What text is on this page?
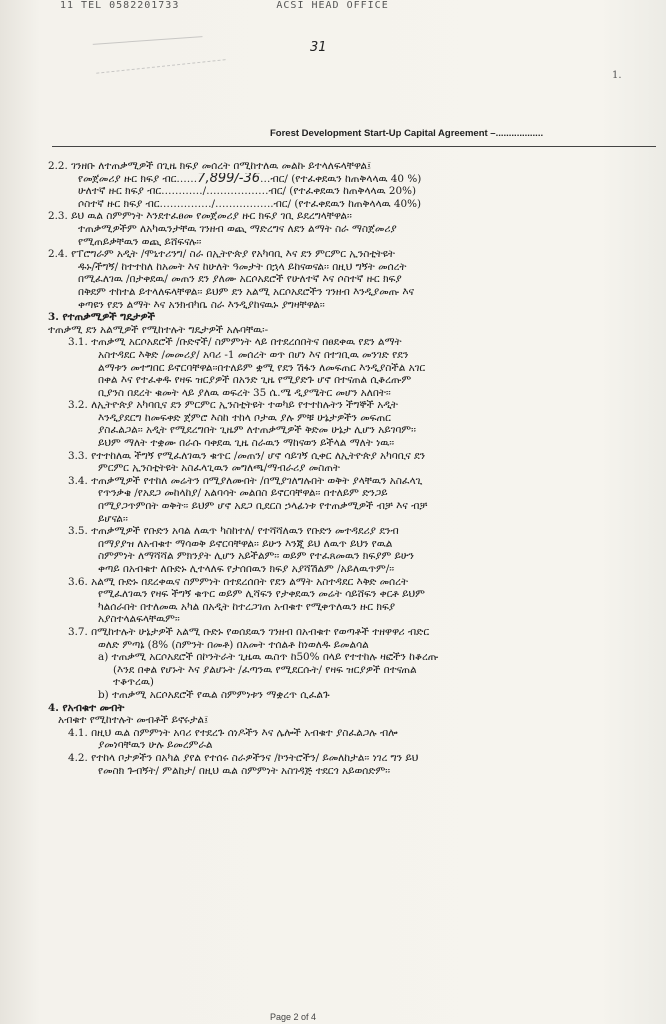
11 TEL 0582201733	ACSI HEAD OFFICE
31
1.
Forest Development Start-Up Capital Agreement –..................
2.2. ገንዘቡ ለተጠቃሚዎች በጊዜ ክፍያ መሰረት በሚከተለዉ መልኩ ይተላለፍላቸዋል፤
የመጀመሪያ ዙር ክፍያ ብር……7,899/-36…ብር/ (የተፈቀደዉን ከጠቅላላዉ 40 %)
ሁለተኛ ዙር ክፍያ ብር…………/………………ብር/ (የተፈቀደዉን ከጠቅላላዉ 20%)
ሶስተኛ ዙር ክፍያ ብር……………/……………..ብር/ (የተፈቀደዉን ከጠቅላላዉ 40%)
2.3. ይህ ዉል ስምምነት እንደተፈፀመ የመጀመሪያ ዙር ክፍያ ገቢ ይደረግላቸዋል፡፡
ተጠቃሚዎችም ለአካዉንታቸዉ ገንዘብ ወጪ ማድረግና ለደን ልማት ስራ ማስጀመሪያ
የሚጠይቃቸዉን ወጪ ይሸፍናሉ፡፡
2.4. የፐሮግራም አዲት /ሞኒተሪንግ/ ስራ በኢትዮጵያ የአካባቢ እና ደን ምርምር ኢንስቲትዩት
ዱኑ/ችግኝ/ ከተተከለ ከአመት እና ከሁለት ዓመታት በኋላ ይከናወናል፡፡ በዚህ ግኝት መሰረት
በሚፈለገዉ /በታቀደዉ/ መጠን ደን ያለሙ አርሶአደሮች የሁለተኛ እና ሶስተኛ ዙር ክፍያ
በቅደም ተከተል ይተላለፍላቸዋል፡፡ ይህም ደን አልሚ አርሶአደሮችን ገንዘብ እንዲያመጡ እና
ቀጣዩን የደን ልማት እና አንክብካቤ ስራ እንዲያከናዉኑ ያግዛቸዋል፡፡
3. የተጠቃሚዎች ግዴታዎች
ተጠቃሚ ደን አልሚዎች የሚከተሉት ግዴታዎች አሉባቸዉ፡-
3.1. ተጠቃሚ አርሶአደሮች /ቡድኖች/ ስምምነት ላይ በተደረሰበትና በፀደቀዉ የደን ልማት
አስተዳደር እቅድ /መመሪያ/ አባሪ -1 መሰረት ወጥ በሆነ እና በተገቢዉ መንገድ የደን
ልማቱን መተግበር ይኖርባቸዋል፡፡በተለይም ቋሚ የደን ሽፋን ለመፍጠር እንዲያስችል አገር
በቀል እና የተፈቀዱ የዛፍ ዝርያዎች በአንድ ጊዜ የሚያድጉ ሆኖ በተናጠል ሲቆረጡም
ቢያንስ በደረት ቁመት ላይ ያለዉ ወፍረት 35 ሴ.ሜ ዲያሜትር መሆን አለበት፡፡
3.2. ለኢትዮጵያ አካባቢና ደን ምርምር ኢንስቲትዩት ተወካይ የተተከሉትን ችግኞች አዲት
እንዲያደርግ ከመፍቀድ ጀምሮ እስከ ተከላ ቦታዉ ያሉ ምቹ ሁኔታዎችን መፍጠር
ያስፈልጋል፡፡ አዲት የሚደረግበት ጊዜም ለተጠቃሚዎች ቅድመ ሁኔታ ሊሆን አይገባም፡፡
ይህም ማለት ተቋሙ በራሱ ባቀደዉ ጊዜ ስራዉን ማከናወን ይችላል ማለት ነዉ፡፡
3.3. የተተከለዉ ችግኝ የሚፈለገዉን ቁጥር /መጠን/ ሆኖ ሳይገኝ ሲቀር ለኢትዮጵያ አካባቢና ደን
ምርምር ኢንስቲትዩት አስፈላጊዉን መግለጫ/ማብራሪያ መስጠት
3.4. ተጠቃሚዎች የተከለ መሬትን በሚያለሙበት /በሚያገለግሉበት ወቅት ያላቸዉን አስፈላጊ
የጥንቃቄ /የአደጋ መከላከያ/ አልባሳት መልበስ ይኖርባቸዋል፡፡ በተለይም ድንጋይ
በሚያጋጥምበት ወቅት፡፡ ይህም ሆኖ አደጋ ቢደርስ ኃላፊነቱ የተጠቃሚዎች ብቻ እና ብቻ
ይሆናል፡፡
3.5. ተጠቃሚዎች የቡድን አባል ለዉጥ ካስከተለ/ የተሻሻለዉን የቡድን መተዳደሪያ ደንብ
በማያያዝ ለአብቁተ ማሳወቅ ይኖርባቸዋል፡፡ ይሁን እንጂ ይህ ለዉጥ ይህን የዉል
ስምምነት ለማሻሻል ምክንያት ሊሆን አይችልም፡፡ ወይም የተፈጸመዉን ክፍያም ይሁን
ቀጣይ በአብቁተ ለቡድኑ ሊተላለፍ የታሰበዉን ክፍያ አያሻሽልም /አይለዉጥም/፡፡
3.6. አልሚ ቡድኑ በደረቀዉና ስምምነት በተደረሰበት የደን ልማት አስተዳደር እቅድ መሰረት
የሚፈለገዉን የዛፍ ችግኝ ቁጥር ወይም ሊሻፍን የታቀደዉን መሬት ሳይሸፍን ቀርቶ ይህም
ካልሰራበት በተለመዉ አካል በአዲት ከተረጋገጠ አብቁተ የሚቀጥለዉን ዙር ክፍያ
አያስተላልፍላቸዉም፡፡
3.7. በሚከተሉት ሁኔታዎች አልሚ ቡድኑ የወሰደዉን ገንዘብ በአብቁተ የወጣቶች ተዘዋዋሪ ብድር
ወለድ ምጣኔ (8% (ስምንት በመቶ) በአመት ተሰልቶ ከነወለዱ ይመልሳል
a) ተጠቃሚ አርሶአደሮች በኮንትራት ጊዜዉ ዉስጥ ከ50% በላይ የተተከሉ ዛፎችን ከቆረጡ
(እንደ በቀል የሆኑት እና ያልሆኑት /ፈጣንዉ የሚደርሱት/ የዛፍ ዝርያዎች በተናጠል
ተቆጥረዉ)
b) ተጠቃሚ አርሶአደሮች የዉል ስምምነቱን ማቋረጥ ሲፈልጉ
4. የአብቁተ መብት
አብቁተ የሚከተሉት መብቶች ይኖሩታል፤
4.1. በዚህ ዉል ስምምነት አባሪ የተደረጉ ሰነዶችን እና ሌሎች አብቁተ ያስፈልጋሉ ብሎ
ያመነባቸዉን ሁሉ ይመረምራል
4.2. የተከላ ቦታዎችን በአካል ያየል የተሰሩ ስራዎችንና /ኮንትሮችን/ ይመለከታል፡፡ ነገረ ግን ይህ
የመስክ ጉብኝት/ ምልከታ/ በዚህ ዉል ስምምነት አስገዳጅ ተደርጎ አይወሰድም፡፡
Page 2 of 4
